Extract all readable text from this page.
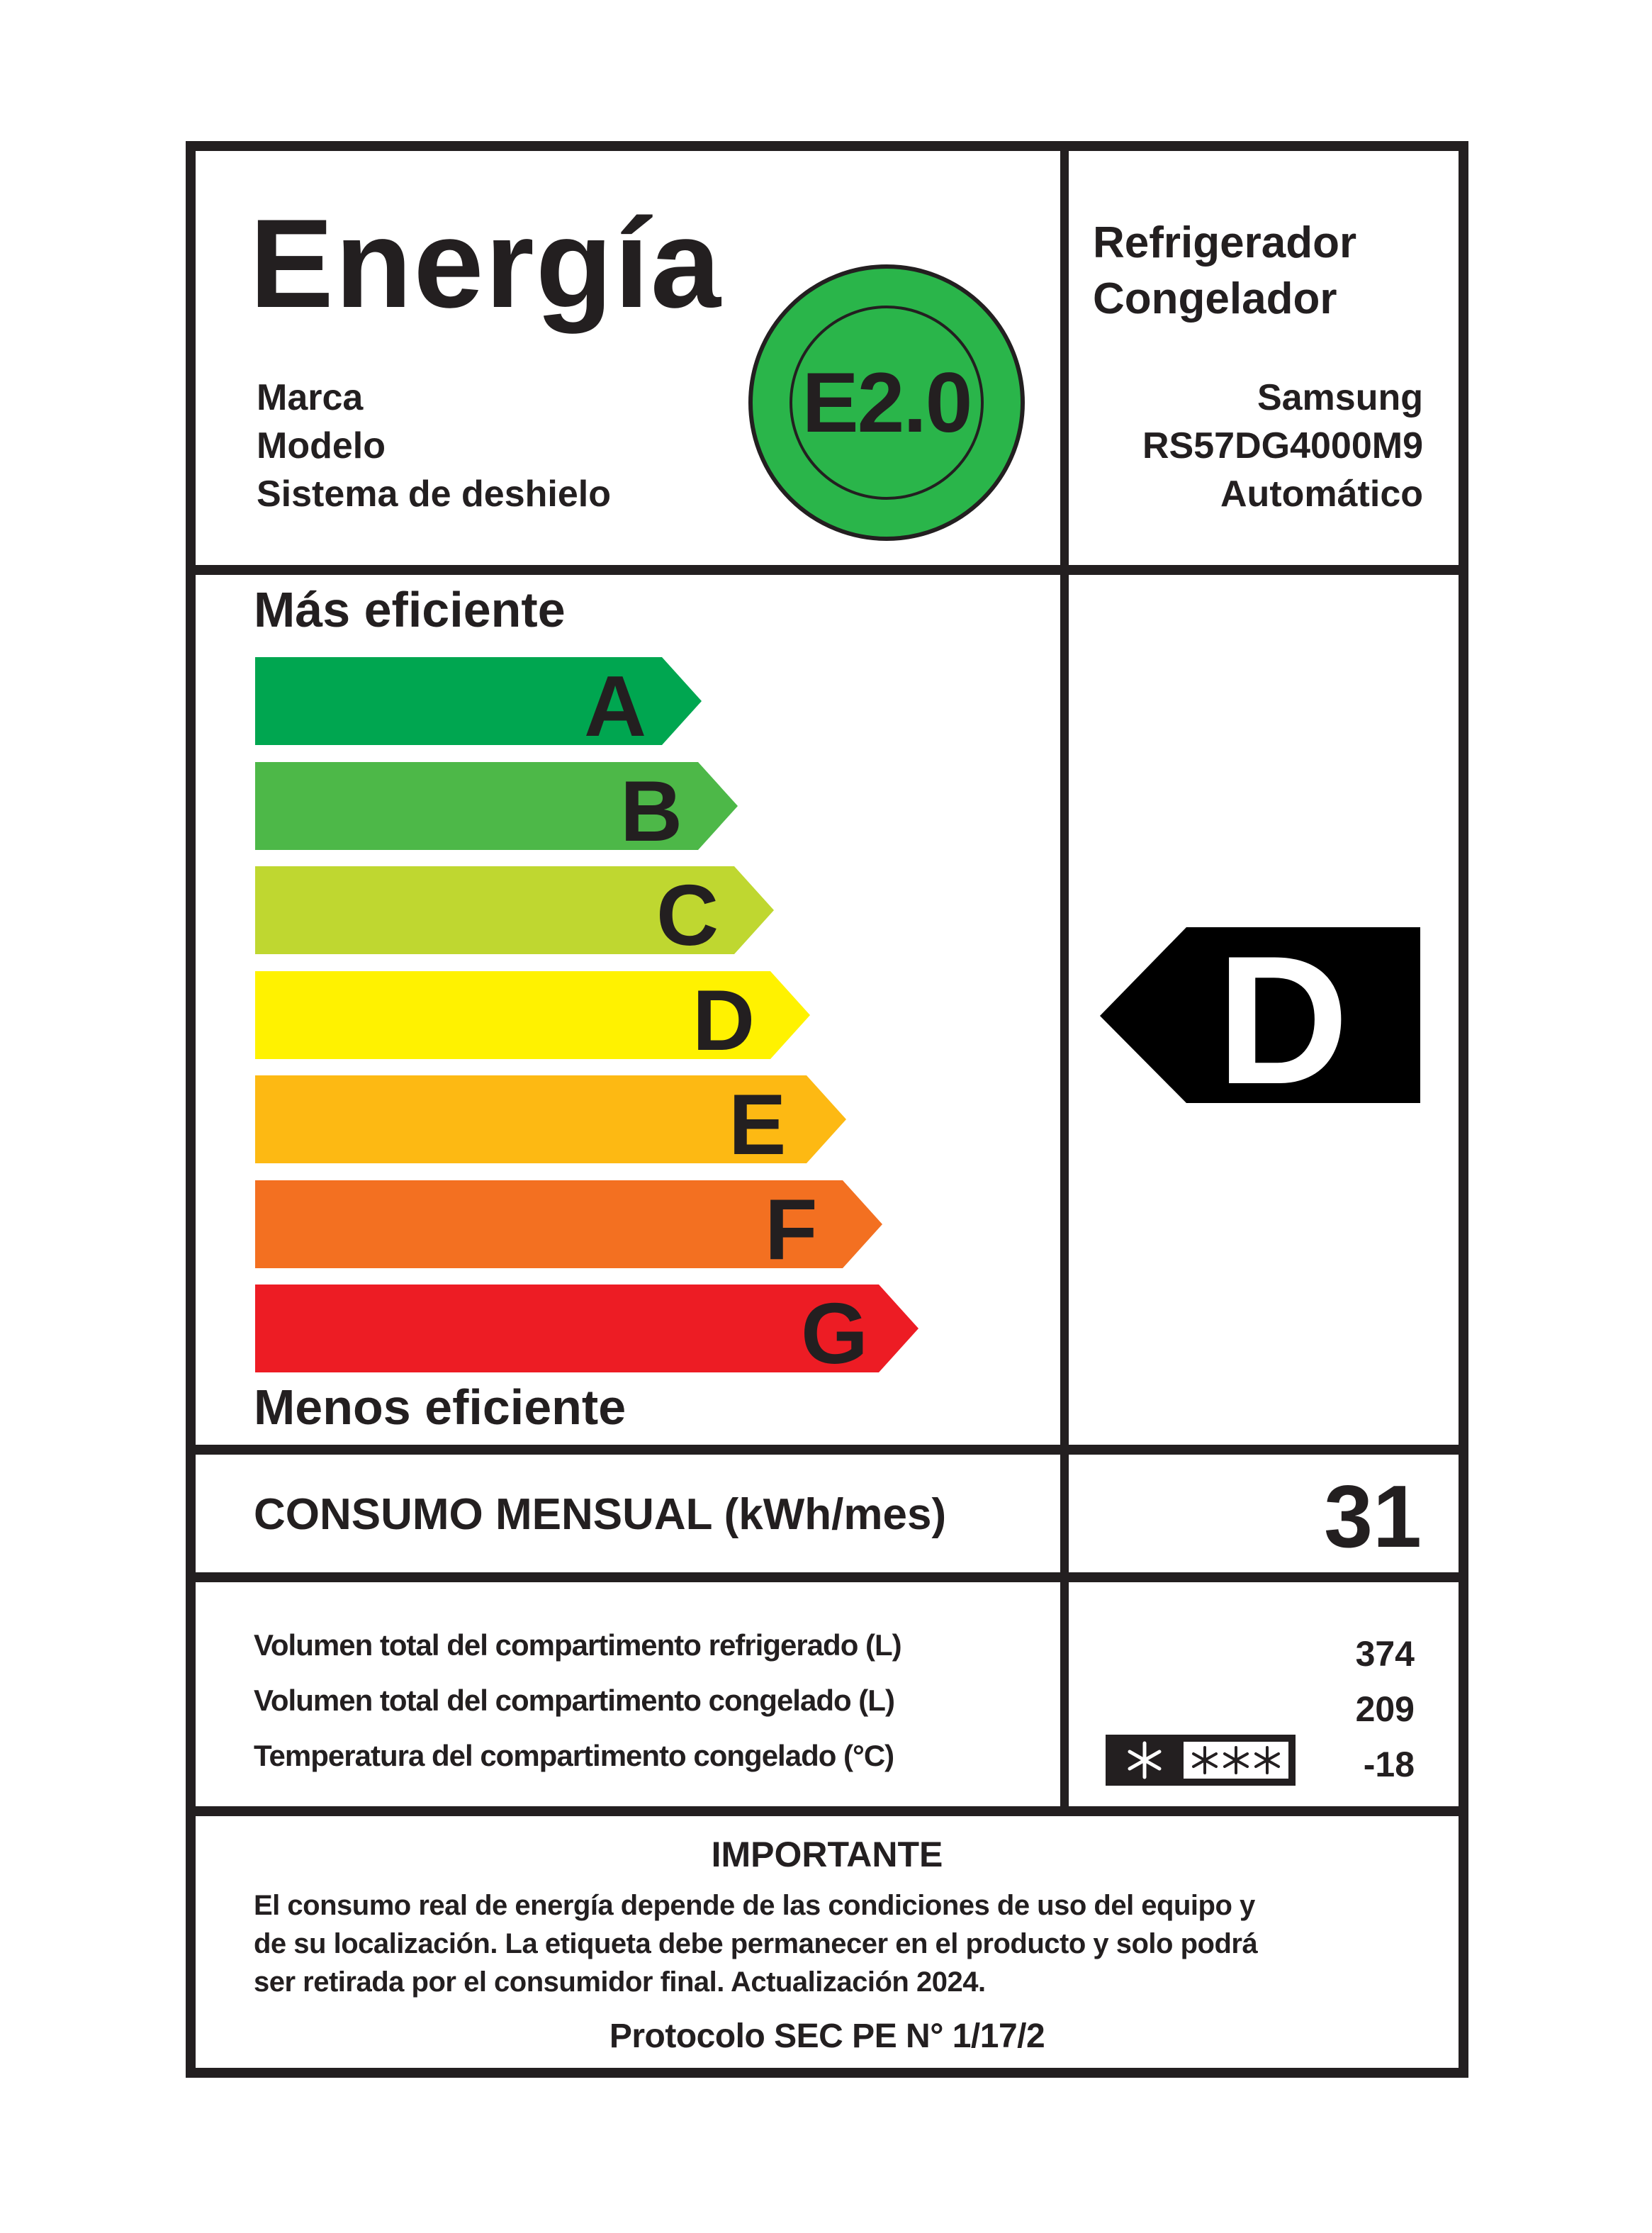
Energía
E2.0
Refrigerador
Congelador
Marca
Modelo
Sistema de deshielo
Samsung
RS57DG4000M9
Automático
Más eficiente
A
B
C
D
E
F
G
Menos eficiente
D
CONSUMO MENSUAL (kWh/mes)	31
Volumen total del compartimento refrigerado (L)
Volumen total del compartimento congelado (L)
Temperatura del compartimento congelado (°C)
374
209
-18
IMPORTANTE
El consumo real de energía depende de las condiciones de uso del equipo y
de su localización. La etiqueta debe permanecer en el producto y solo podrá
ser retirada por el consumidor final. Actualización 2024.
Protocolo SEC PE N° 1/17/2
